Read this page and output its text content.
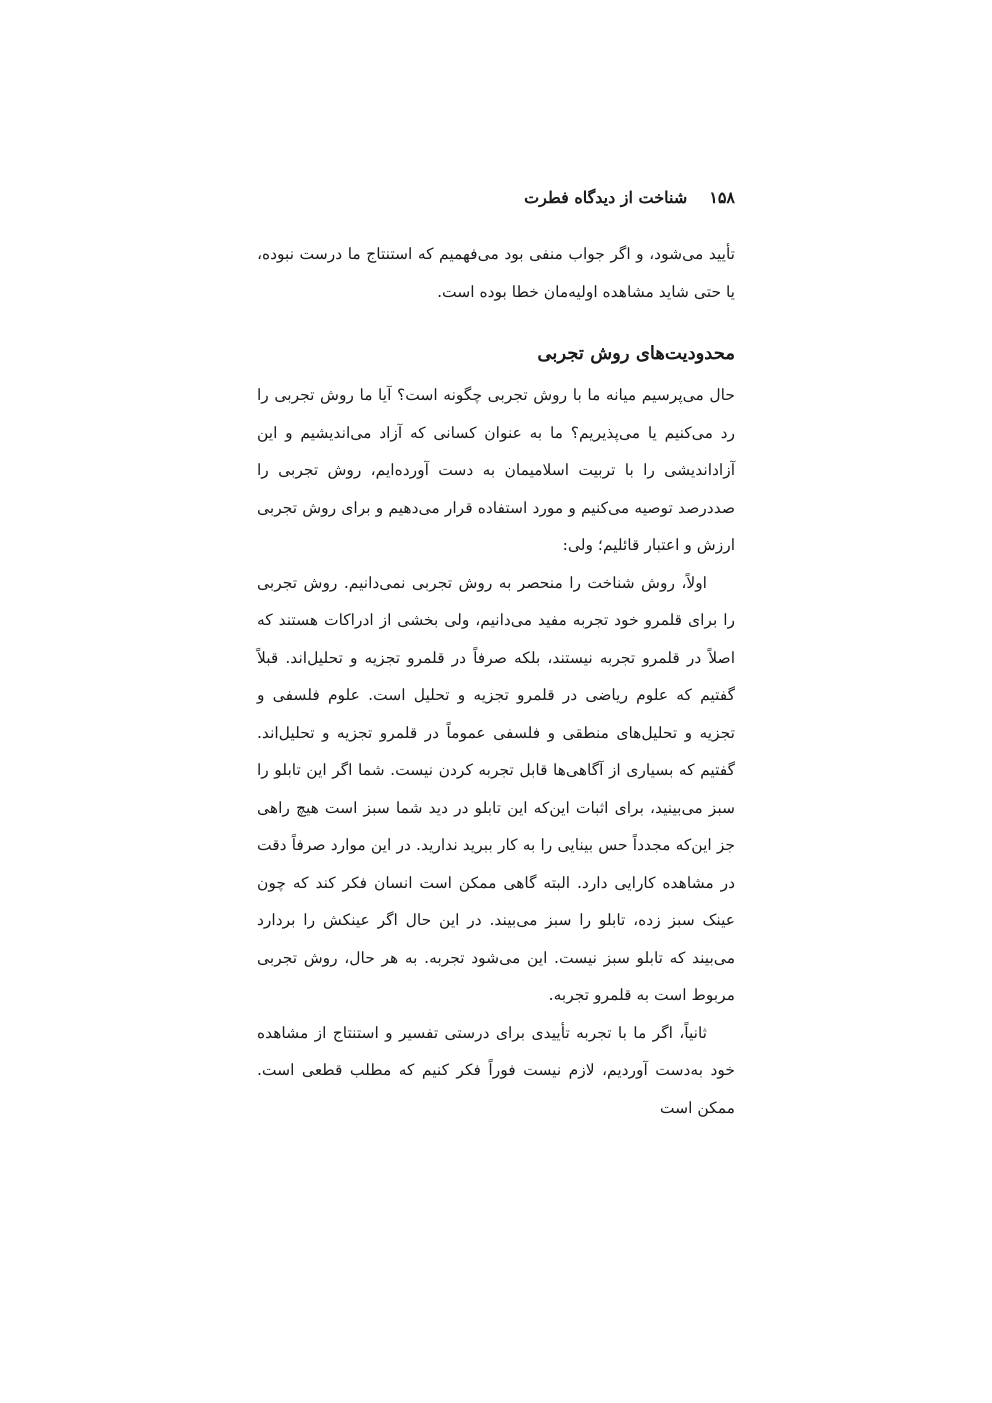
۱۵۸
شناخت از دیدگاه فطرت

تأیید می‌شود، و اگر جواب منفی بود می‌فهمیم که استنتاج ما درست نبوده، یا حتی شاید مشاهده اولیه‌مان خطا بوده است.

محدودیت‌های روش تجربی

حال می‌پرسیم میانه ما با روش تجربی چگونه است؟ آیا ما روش تجربی را رد می‌کنیم یا می‌پذیریم؟ ما به عنوان کسانی که آزاد می‌اندیشیم و این آزاداندیشی را با تربیت اسلامیمان به دست آورده‌ایم، روش تجربی را صددرصد توصیه می‌کنیم و مورد استفاده قرار می‌دهیم و برای روش تجربی ارزش و اعتبار قائلیم؛ ولی:

اولاً، روش شناخت را منحصر به روش تجربی نمی‌دانیم. روش تجربی را برای قلمرو خود تجربه مفید می‌دانیم، ولی بخشی از ادراکات هستند که اصلاً در قلمرو تجربه نیستند، بلکه صرفاً در قلمرو تجزیه و تحلیل‌اند. قبلاً گفتیم که علوم ریاضی در قلمرو تجزیه و تحلیل است. علوم فلسفی و تجزیه و تحلیل‌های منطقی و فلسفی عموماً در قلمرو تجزیه و تحلیل‌اند. گفتیم که بسیاری از آگاهی‌ها قابل تجربه کردن نیست. شما اگر این تابلو را سبز می‌بینید، برای اثبات این‌که این تابلو در دید شما سبز است هیچ راهی جز این‌که مجدداً حس بینایی را به کار ببرید ندارید. در این موارد صرفاً دقت در مشاهده کارایی دارد. البته گاهی ممکن است انسان فکر کند که چون عینک سبز زده، تابلو را سبز می‌بیند. در این حال اگر عینکش را بردارد می‌بیند که تابلو سبز نیست. این می‌شود تجربه. به هر حال، روش تجربی مربوط است به قلمرو تجربه.

ثانیاً، اگر ما با تجربه تأییدی برای درستی تفسیر و استنتاج از مشاهده خود به‌دست آوردیم، لازم نیست فوراً فکر کنیم که مطلب قطعی است. ممکن است
